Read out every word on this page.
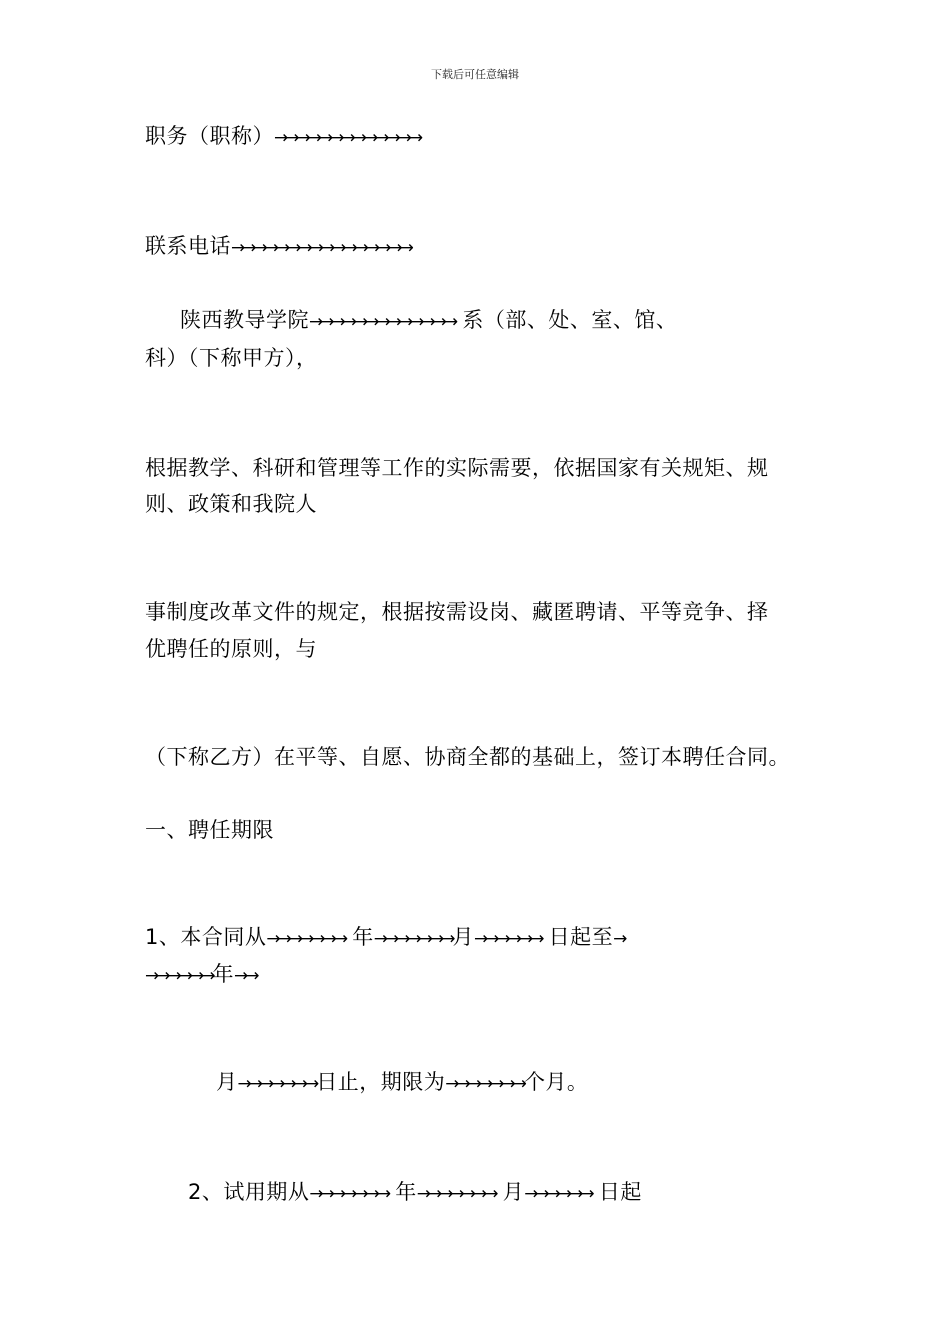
下载后可任意编辑
职务（职称）→→→→→→→→→→→→→
联系电话→→→→→→→→→→→→→→→→
陕西教导学院→→→→→→→→→→→→→ 系（部、处、室、馆、
科）（下称甲方），
根据教学、科研和管理等工作的实际需要，依据国家有关规矩、规
则、政策和我院人
事制度改革文件的规定，根据按需设岗、藏匿聘请、平等竞争、择
优聘任的原则，与
（下称乙方）在平等、自愿、协商全都的基础上，签订本聘任合同。
一、聘任期限
1、本合同从→→→→→→→ 年→→→→→→→月→→→→→→ 日起至→
→→→→→→年→→
月→→→→→→→日止，期限为→→→→→→→个月。
2、试用期从→→→→→→→ 年→→→→→→→ 月→→→→→→ 日起
